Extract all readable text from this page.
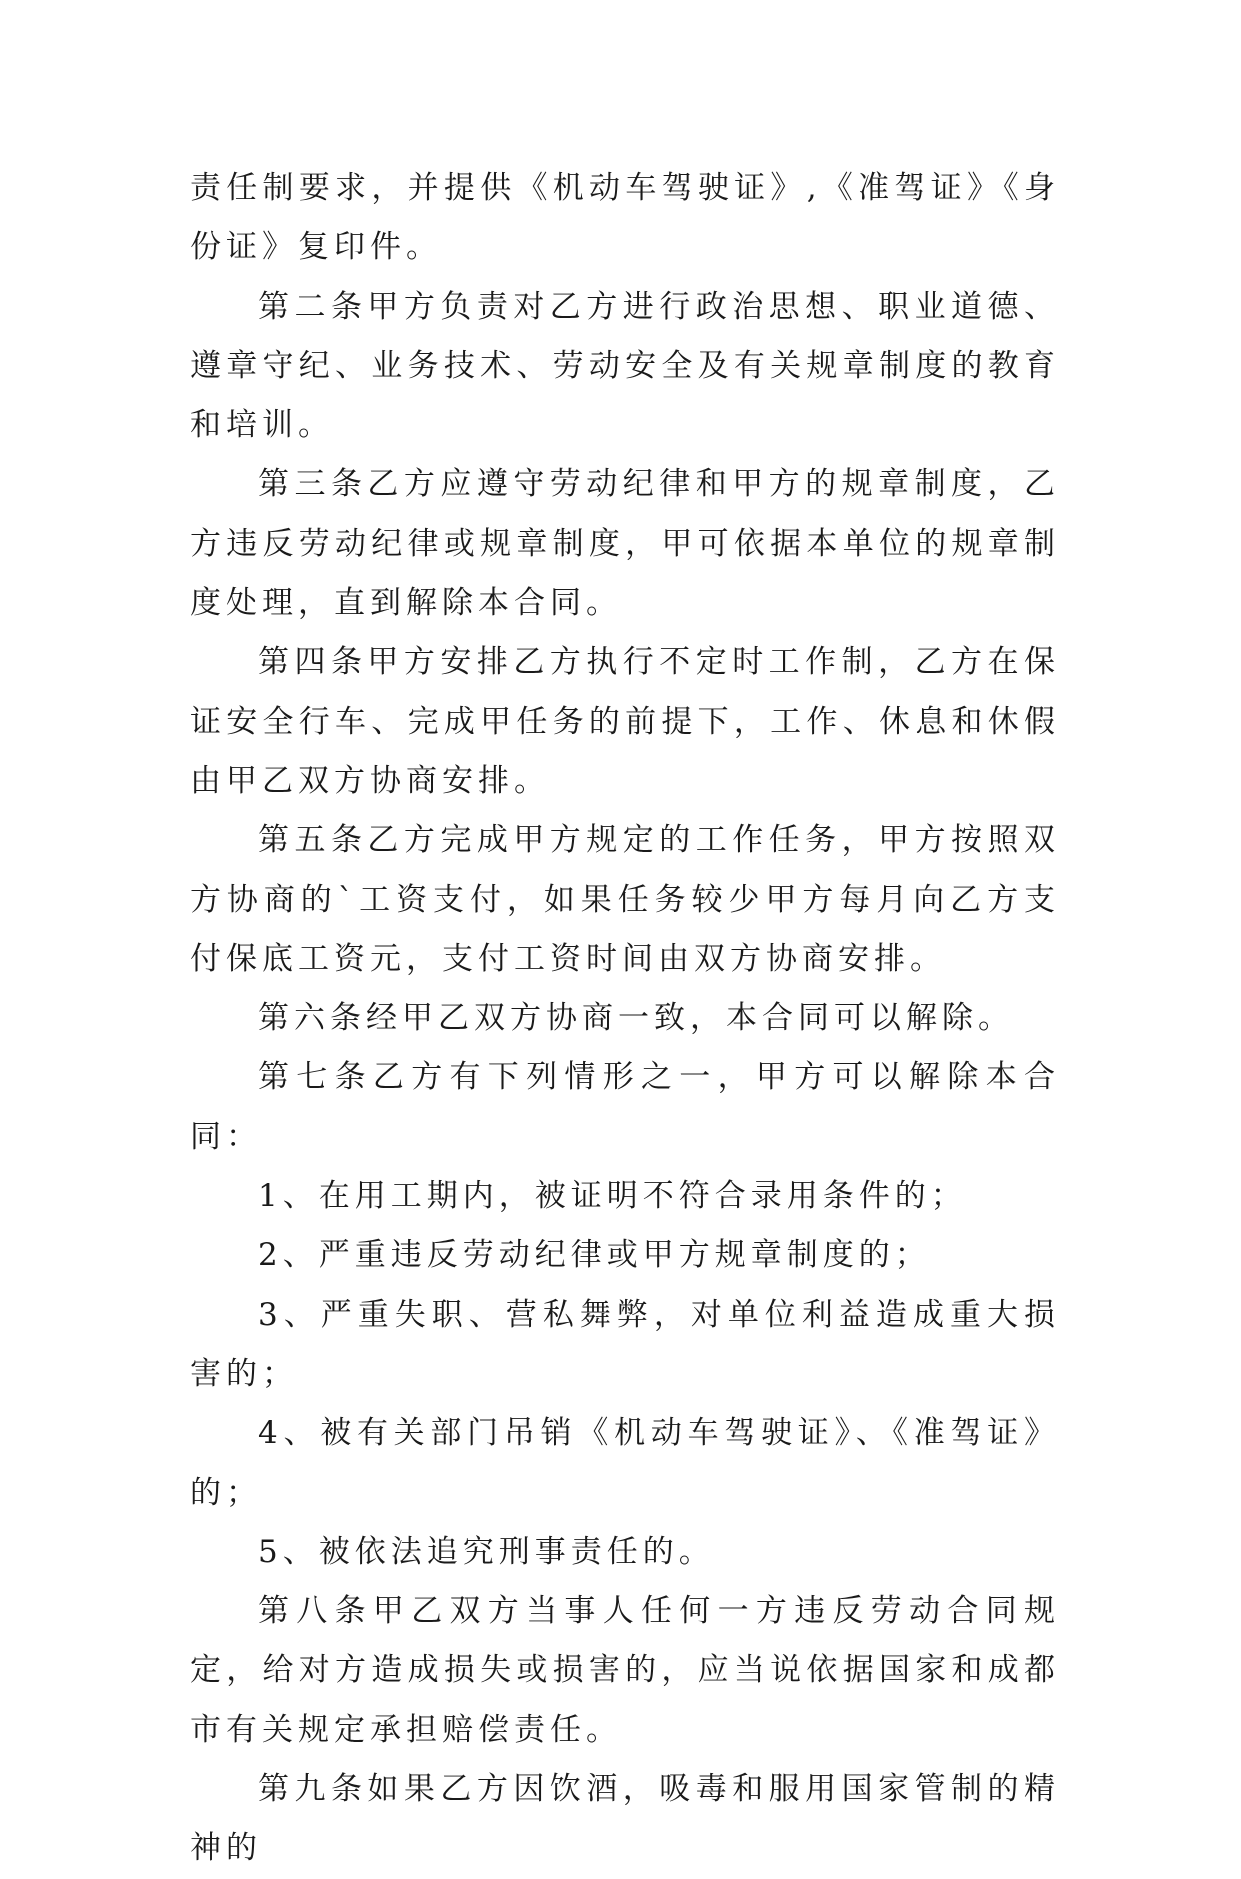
责任制要求，并提供《机动车驾驶证》,《准驾证》《身份证》复印件。

第二条甲方负责对乙方进行政治思想、职业道德、遵章守纪、业务技术、劳动安全及有关规章制度的教育和培训。

第三条乙方应遵守劳动纪律和甲方的规章制度，乙方违反劳动纪律或规章制度，甲可依据本单位的规章制度处理，直到解除本合同。

第四条甲方安排乙方执行不定时工作制，乙方在保证安全行车、完成甲任务的前提下，工作、休息和休假由甲乙双方协商安排。

第五条乙方完成甲方规定的工作任务，甲方按照双方协商的`工资支付，如果任务较少甲方每月向乙方支付保底工资元，支付工资时间由双方协商安排。

第六条经甲乙双方协商一致，本合同可以解除。

第七条乙方有下列情形之一，甲方可以解除本合同：

1、在用工期内，被证明不符合录用条件的；

2、严重违反劳动纪律或甲方规章制度的；

3、严重失职、营私舞弊，对单位利益造成重大损害的；

4、被有关部门吊销《机动车驾驶证》、《准驾证》的；

5、被依法追究刑事责任的。

第八条甲乙双方当事人任何一方违反劳动合同规定，给对方造成损失或损害的，应当说依据国家和成都市有关规定承担赔偿责任。

第九条如果乙方因饮酒，吸毒和服用国家管制的精神的
